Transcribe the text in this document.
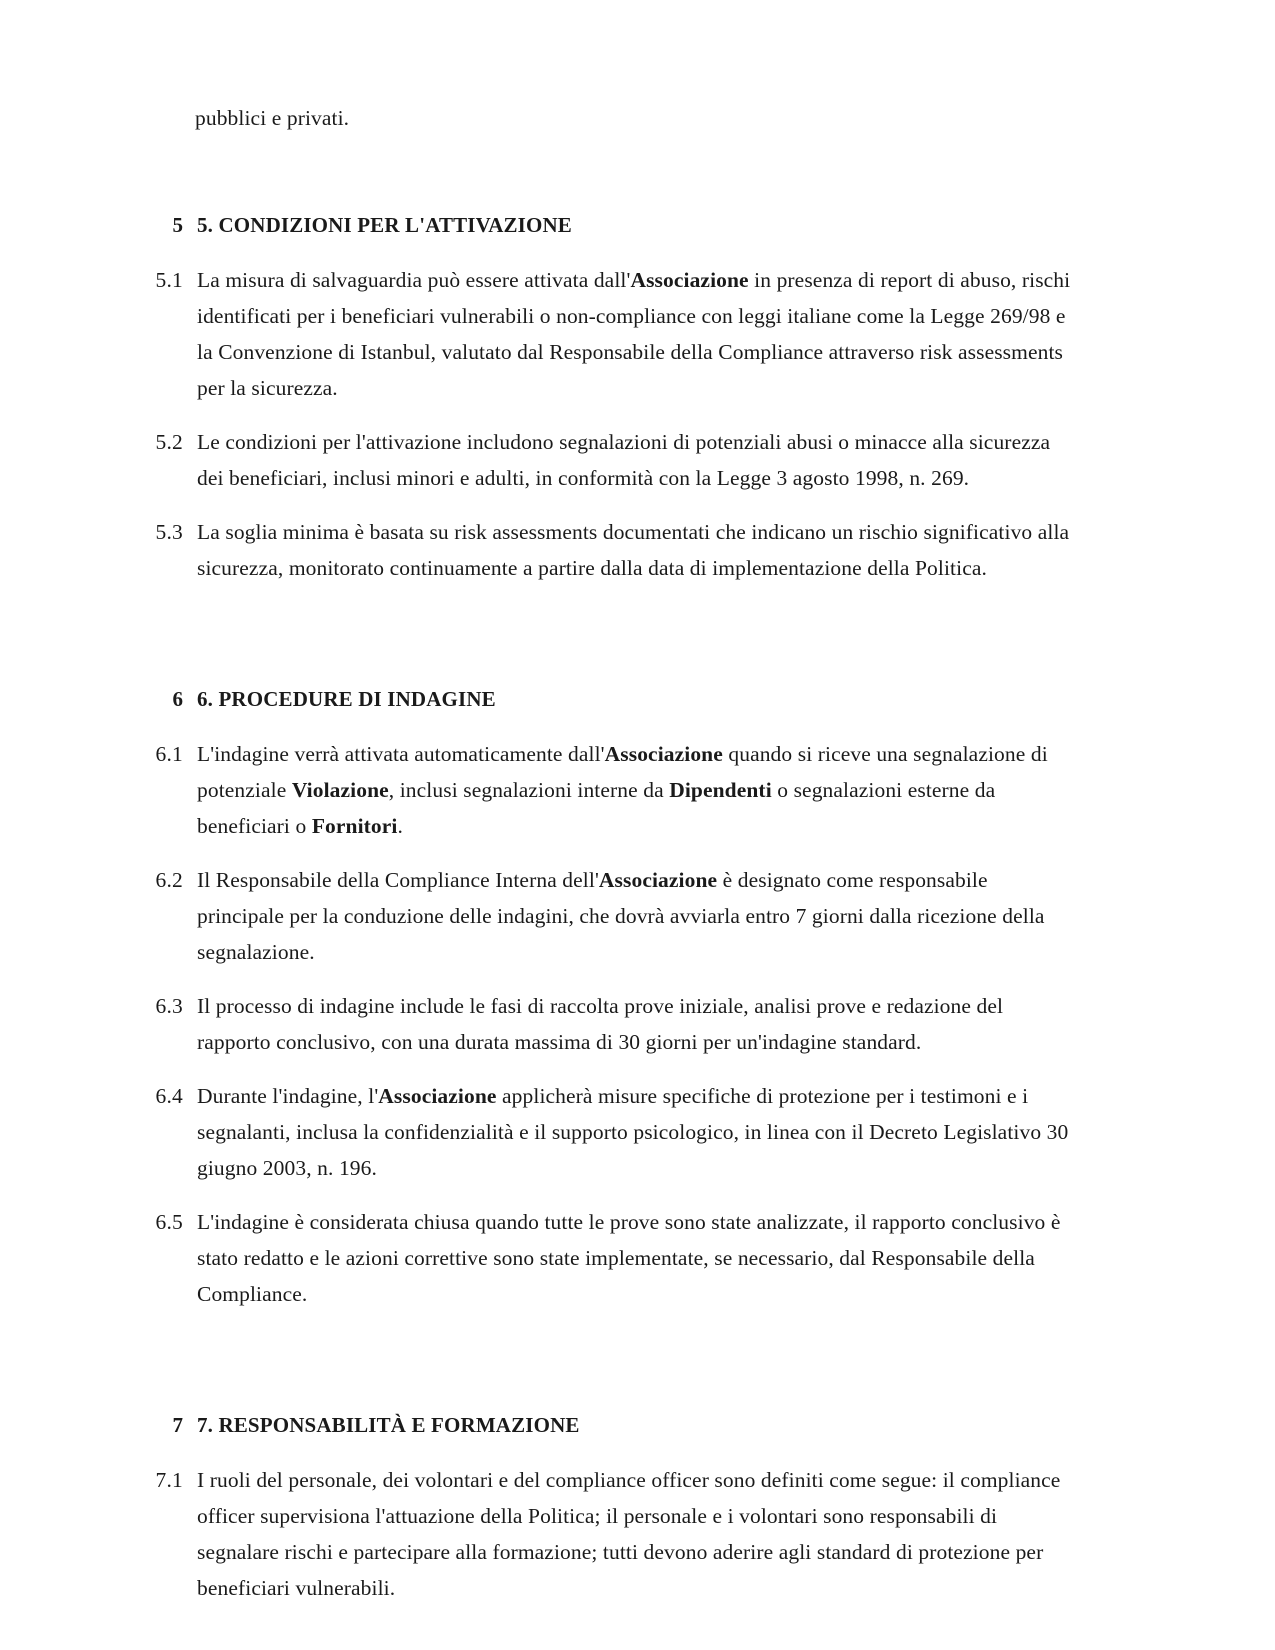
pubblici e privati.

5 5. CONDIZIONI PER L'ATTIVAZIONE
5.1 La misura di salvaguardia può essere attivata dall'Associazione in presenza di report di abuso, rischi identificati per i beneficiari vulnerabili o non-compliance con leggi italiane come la Legge 269/98 e la Convenzione di Istanbul, valutato dal Responsabile della Compliance attraverso risk assessments per la sicurezza.
5.2 Le condizioni per l'attivazione includono segnalazioni di potenziali abusi o minacce alla sicurezza dei beneficiari, inclusi minori e adulti, in conformità con la Legge 3 agosto 1998, n. 269.
5.3 La soglia minima è basata su risk assessments documentati che indicano un rischio significativo alla sicurezza, monitorato continuamente a partire dalla data di implementazione della Politica.
6 6. PROCEDURE DI INDAGINE
6.1 L'indagine verrà attivata automaticamente dall'Associazione quando si riceve una segnalazione di potenziale Violazione, inclusi segnalazioni interne da Dipendenti o segnalazioni esterne da beneficiari o Fornitori.
6.2 Il Responsabile della Compliance Interna dell'Associazione è designato come responsabile principale per la conduzione delle indagini, che dovrà avviarla entro 7 giorni dalla ricezione della segnalazione.
6.3 Il processo di indagine include le fasi di raccolta prove iniziale, analisi prove e redazione del rapporto conclusivo, con una durata massima di 30 giorni per un'indagine standard.
6.4 Durante l'indagine, l'Associazione applicherà misure specifiche di protezione per i testimoni e i segnalanti, inclusa la confidenzialità e il supporto psicologico, in linea con il Decreto Legislativo 30 giugno 2003, n. 196.
6.5 L'indagine è considerata chiusa quando tutte le prove sono state analizzate, il rapporto conclusivo è stato redatto e le azioni correttive sono state implementate, se necessario, dal Responsabile della Compliance.
7 7. RESPONSABILITÀ E FORMAZIONE
7.1 I ruoli del personale, dei volontari e del compliance officer sono definiti come segue: il compliance officer supervisiona l'attuazione della Politica; il personale e i volontari sono responsabili di segnalare rischi e partecipare alla formazione; tutti devono aderire agli standard di protezione per beneficiari vulnerabili.
